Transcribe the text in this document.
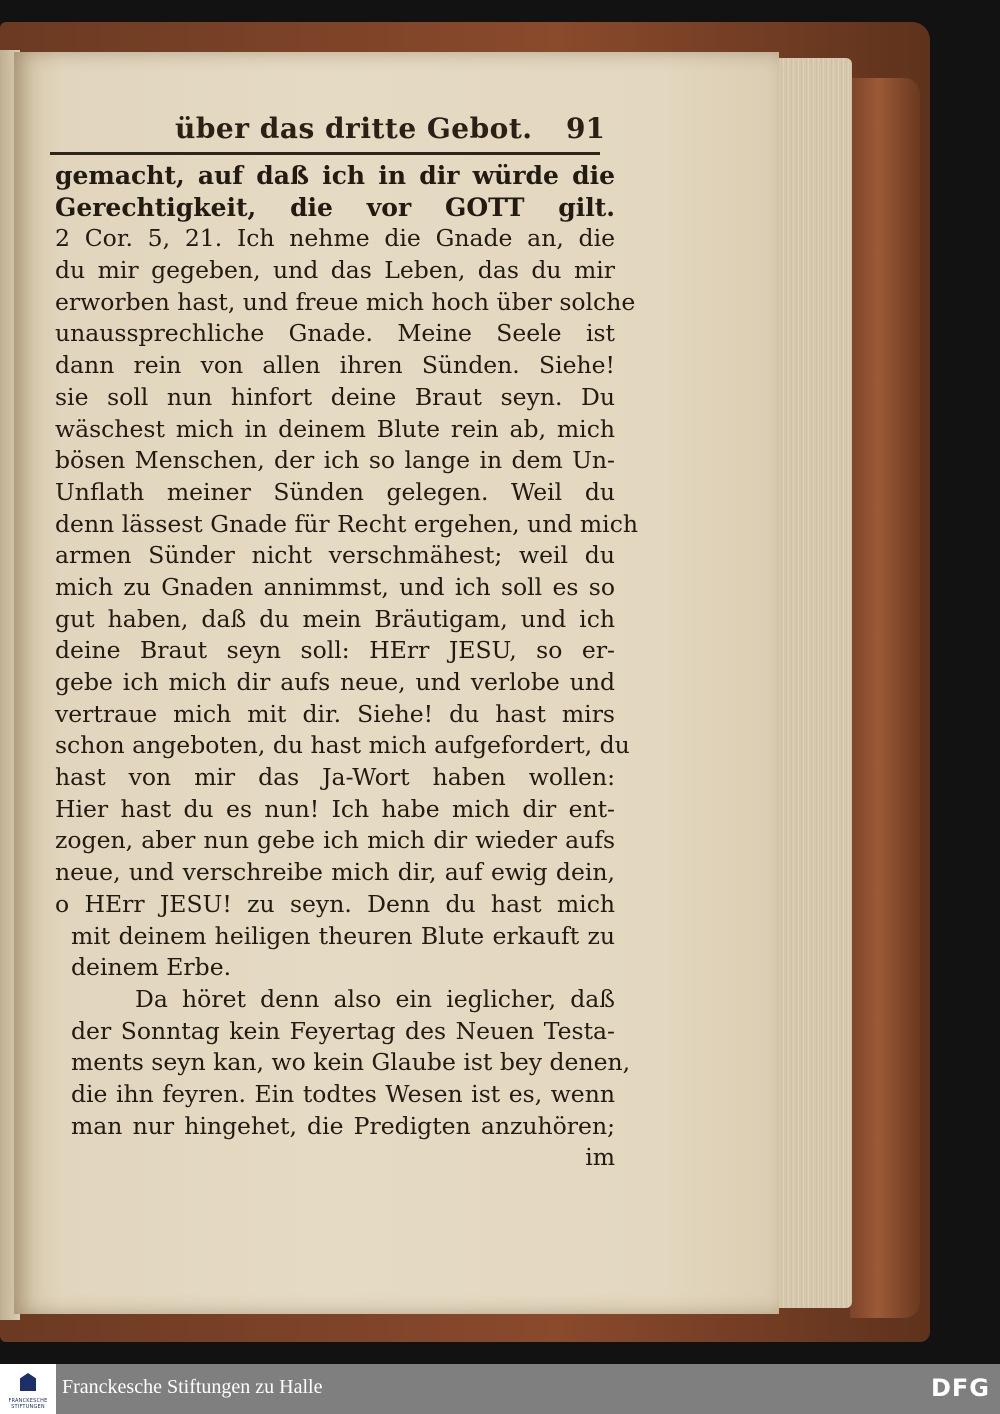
über das dritte Gebot. 91
gemacht, auf daß ich in dir würde die
Gerechtigkeit, die vor GOTT gilt.
2 Cor. 5, 21. Ich nehme die Gnade an, die
du mir gegeben, und das Leben, das du mir
erworben hast, und freue mich hoch über solche
unaussprechliche Gnade. Meine Seele ist
dann rein von allen ihren Sünden. Siehe!
sie soll nun hinfort deine Braut seyn. Du
wäschest mich in deinem Blute rein ab, mich
bösen Menschen, der ich so lange in dem Un-
Unflath meiner Sünden gelegen. Weil du
denn lässest Gnade für Recht ergehen, und mich
armen Sünder nicht verschmähest; weil du
mich zu Gnaden annimmst, und ich soll es so
gut haben, daß du mein Bräutigam, und ich
deine Braut seyn soll: HErr JESU, so er-
gebe ich mich dir aufs neue, und verlobe und
vertraue mich mit dir. Siehe! du hast mirs
schon angeboten, du hast mich aufgefordert, du
hast von mir das Ja-Wort haben wollen:
Hier hast du es nun! Ich habe mich dir ent-
zogen, aber nun gebe ich mich dir wieder aufs
neue, und verschreibe mich dir, auf ewig dein,
o HErr JESU! zu seyn. Denn du hast mich
mit deinem heiligen theuren Blute erkauft zu
deinem Erbe.
Da höret denn also ein ieglicher, daß
der Sonntag kein Feyertag des Neuen Testa-
ments seyn kan, wo kein Glaube ist bey denen,
die ihn feyren. Ein todtes Wesen ist es, wenn
man nur hingehet, die Predigten anzuhören;
im
FRANCKESCHE STIFTUNGEN
Franckesche Stiftungen zu Halle	DFG
